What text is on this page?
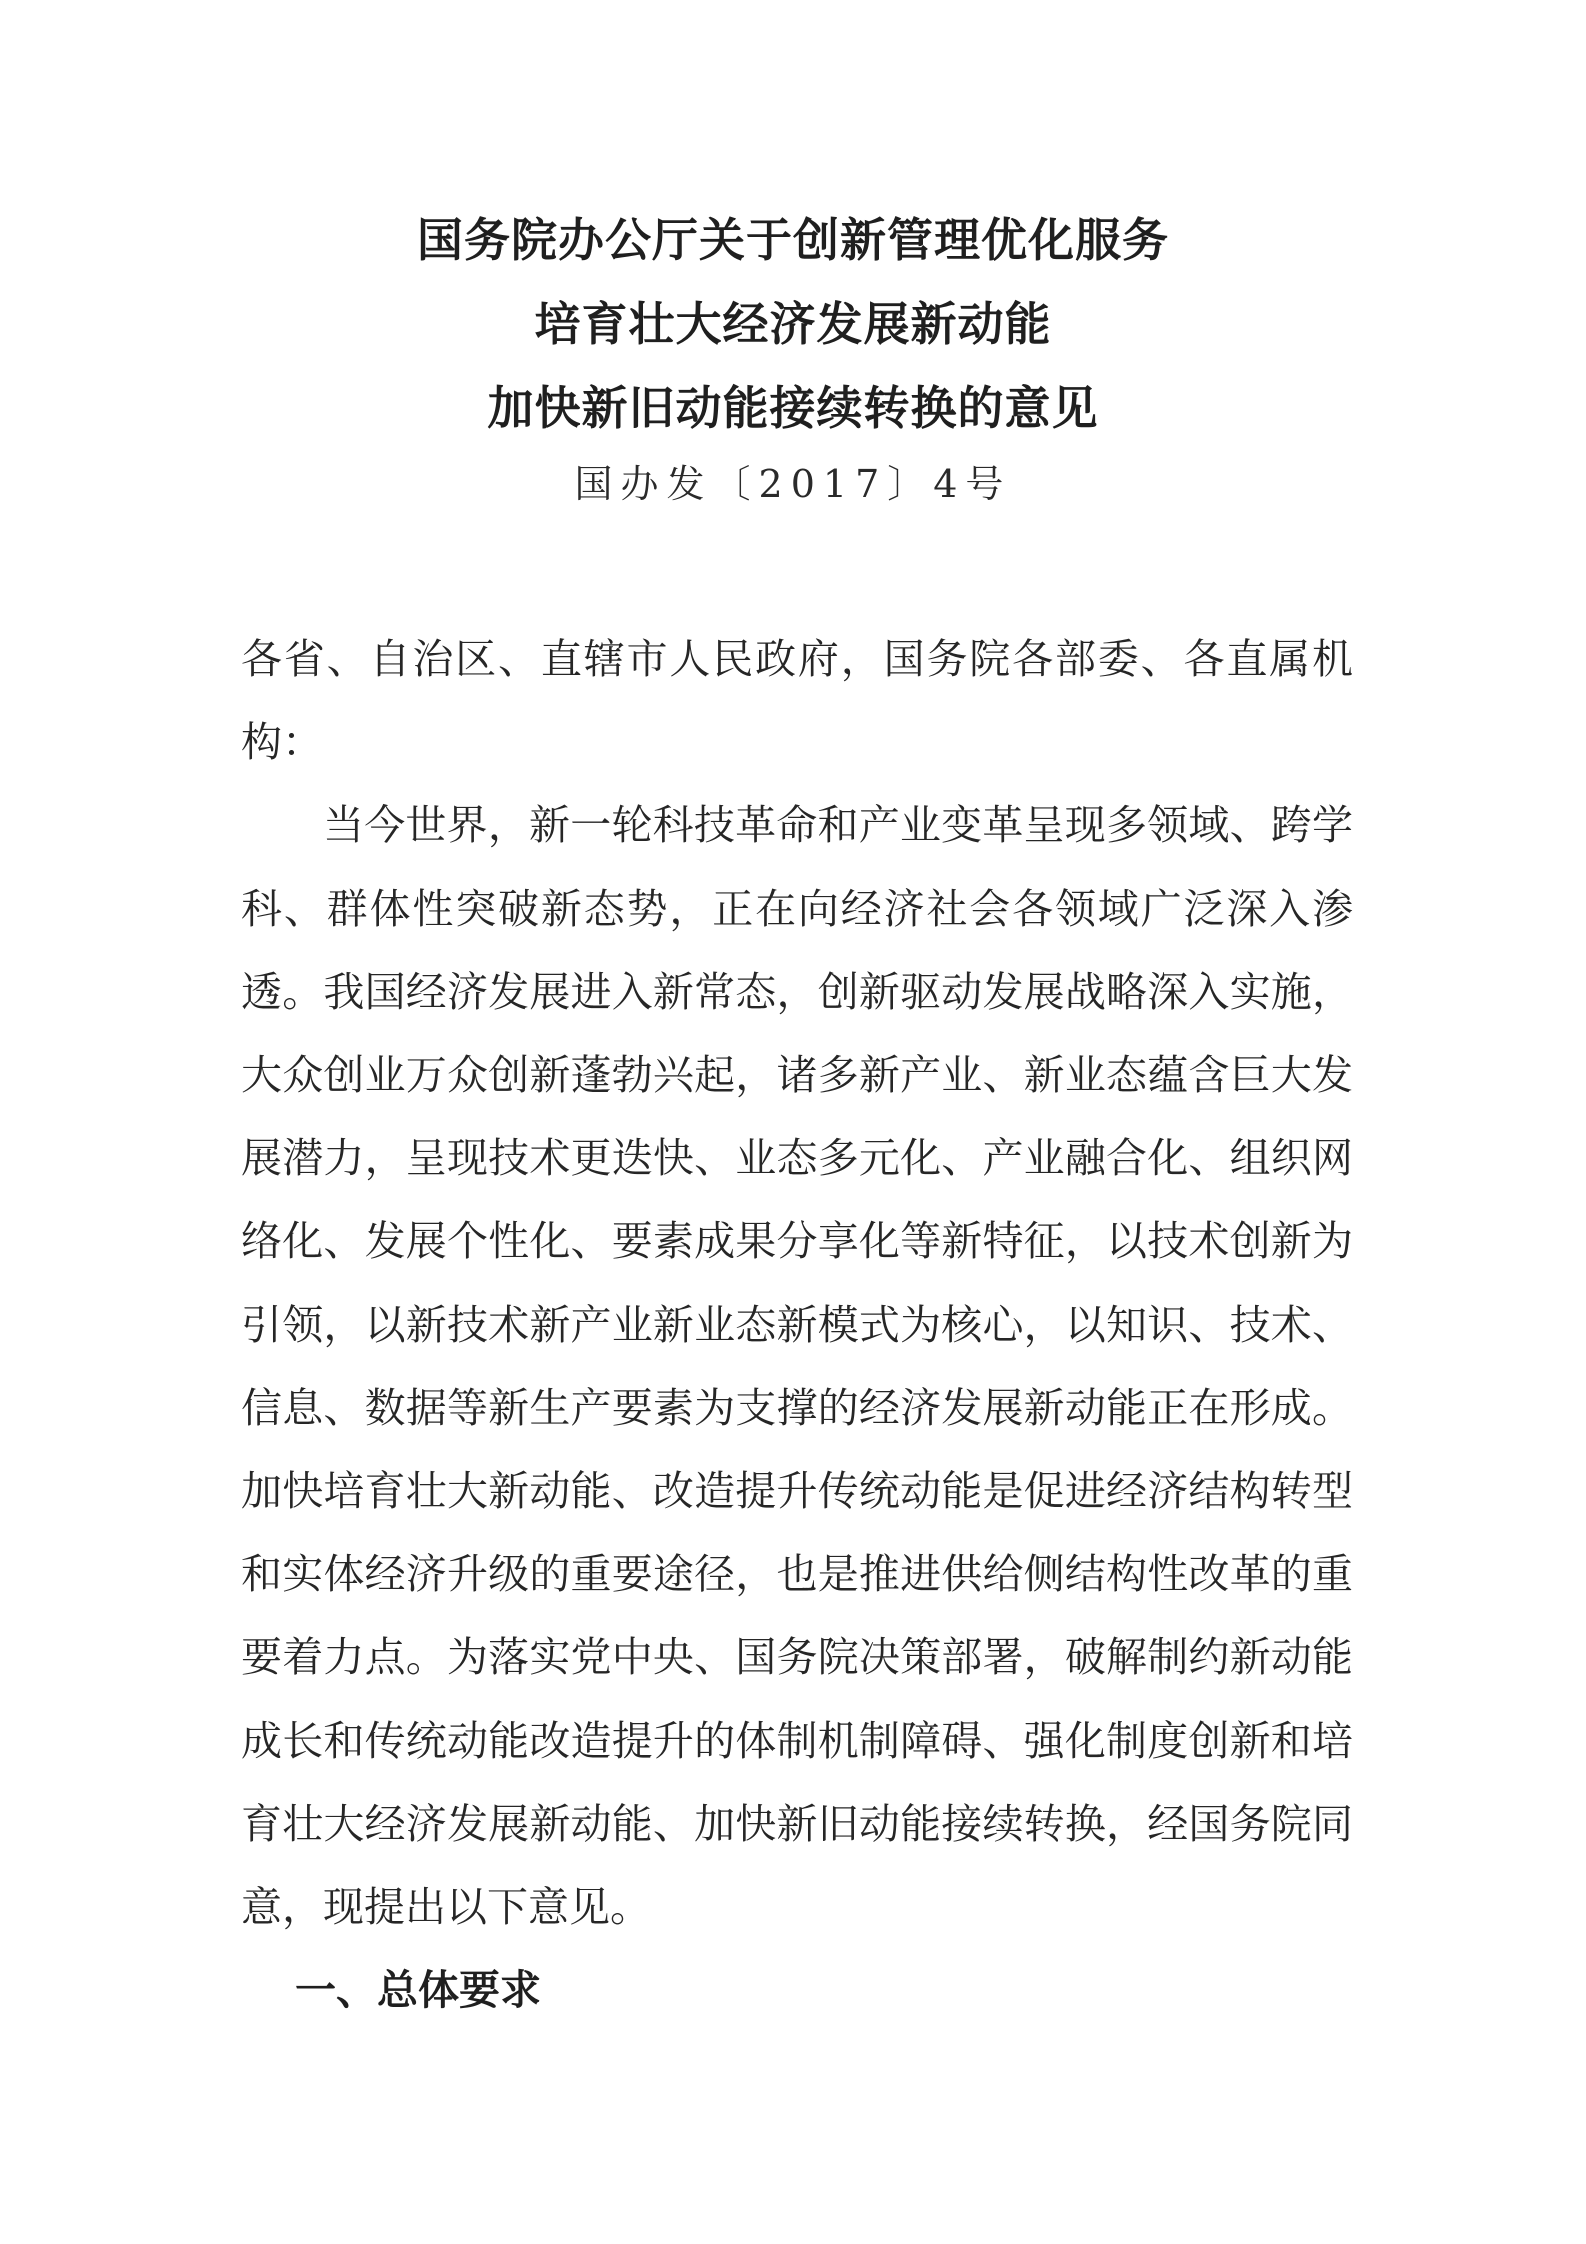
国务院办公厅关于创新管理优化服务
培育壮大经济发展新动能
加快新旧动能接续转换的意见
国办发〔2017〕4号

各省、自治区、直辖市人民政府，国务院各部委、各直属机构：

当今世界，新一轮科技革命和产业变革呈现多领域、跨学科、群体性突破新态势，正在向经济社会各领域广泛深入渗透。我国经济发展进入新常态，创新驱动发展战略深入实施，大众创业万众创新蓬勃兴起，诸多新产业、新业态蕴含巨大发展潜力，呈现技术更迭快、业态多元化、产业融合化、组织网络化、发展个性化、要素成果分享化等新特征，以技术创新为引领，以新技术新产业新业态新模式为核心，以知识、技术、信息、数据等新生产要素为支撑的经济发展新动能正在形成。加快培育壮大新动能、改造提升传统动能是促进经济结构转型和实体经济升级的重要途径，也是推进供给侧结构性改革的重要着力点。为落实党中央、国务院决策部署，破解制约新动能成长和传统动能改造提升的体制机制障碍、强化制度创新和培育壮大经济发展新动能、加快新旧动能接续转换，经国务院同意，现提出以下意见。

一、总体要求
